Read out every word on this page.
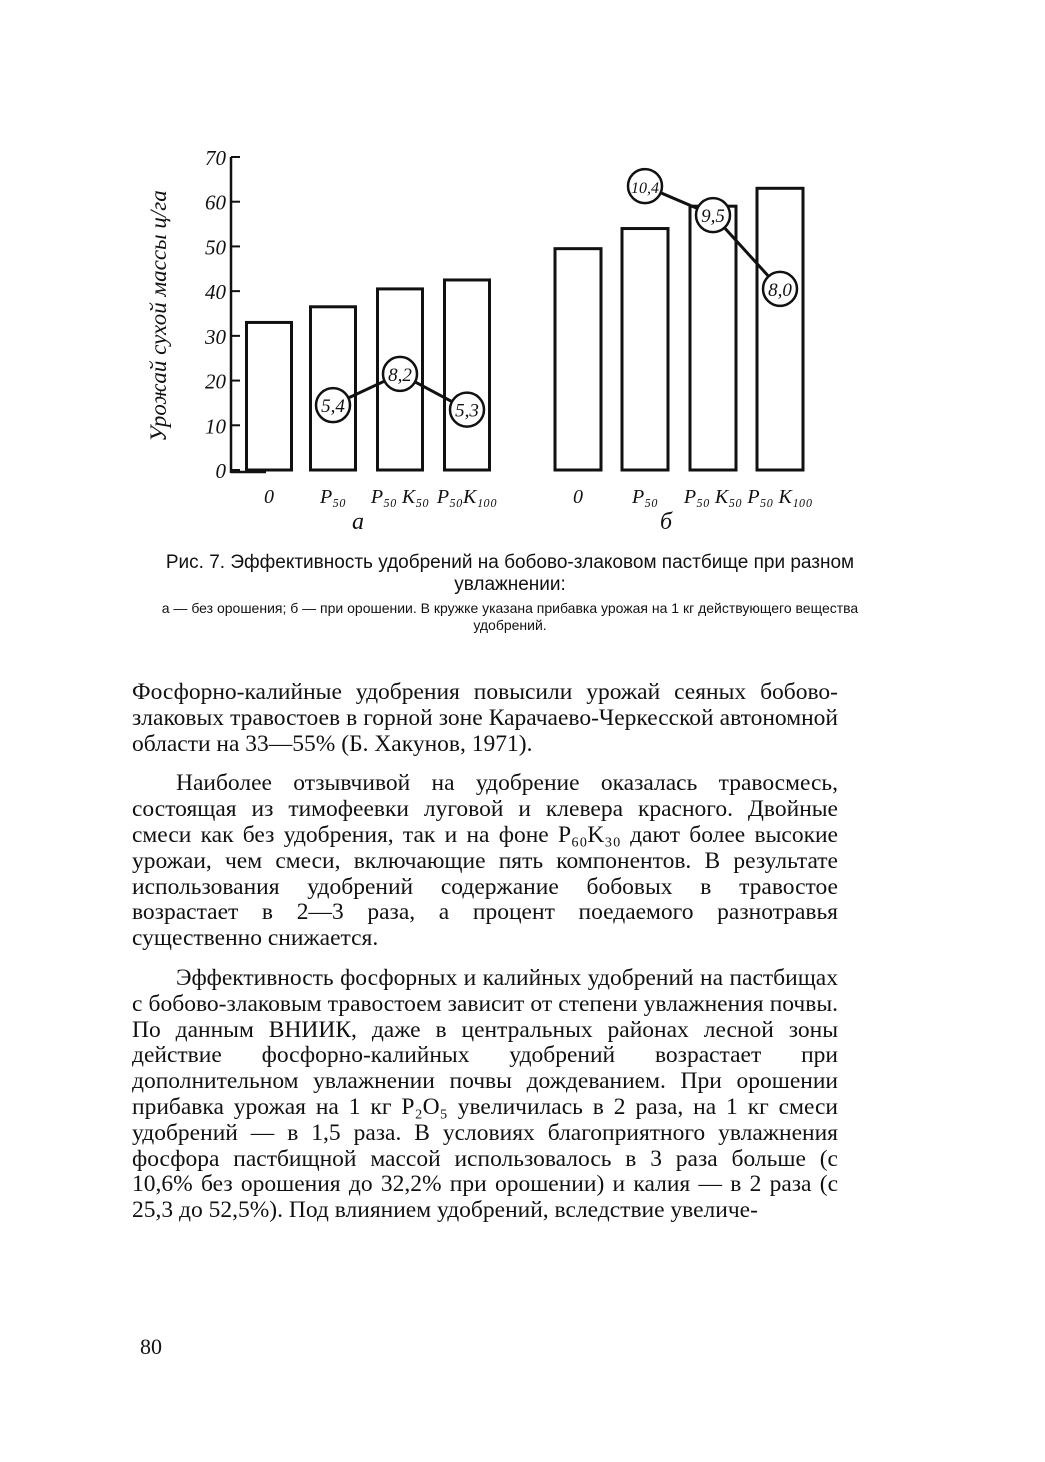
Урожай сухой массы ц/га
0
10
20
30
40
50
60
70
5,4
8,2
5,3
10,4
9,5
8,0
0 P₅₀ P₅₀ K₅₀ P₅₀K₁₀₀	0 P₅₀ P₅₀ K₅₀ P₅₀ K₁₀₀
а	б
Рис. 7. Эффективность удобрений на бобово-злаковом пастбище при разном увлажнении:
а — без орошения; б — при орошении. В кружке указана прибавка урожая на 1 кг действующего вещества удобрений.

Фосфорно-калийные удобрения повысили урожай сеяных бобово-злаковых травостоев в горной зоне Карачаево-Черкесской автономной области на 33—55% (Б. Хакунов, 1971).

Наиболее отзывчивой на удобрение оказалась травосмесь, состоящая из тимофеевки луговой и клевера красного. Двойные смеси как без удобрения, так и на фоне P₆₀K₃₀ дают более высокие урожаи, чем смеси, включающие пять компонентов. В результате использования удобрений содержание бобовых в травостое возрастает в 2—3 раза, а процент поедаемого разнотравья существенно снижается.

Эффективность фосфорных и калийных удобрений на пастбищах с бобово-злаковым травостоем зависит от степени увлажнения почвы. По данным ВНИИК, даже в центральных районах лесной зоны действие фосфорно-калийных удобрений возрастает при дополнительном увлажнении почвы дождеванием. При орошении прибавка урожая на 1 кг P₂O₅ увеличилась в 2 раза, на 1 кг смеси удобрений — в 1,5 раза. В условиях благоприятного увлажнения фосфора пастбищной массой использовалось в 3 раза больше (с 10,6% без орошения до 32,2% при орошении) и калия — в 2 раза (с 25,3 до 52,5%). Под влиянием удобрений, вследствие увеличе-

80
